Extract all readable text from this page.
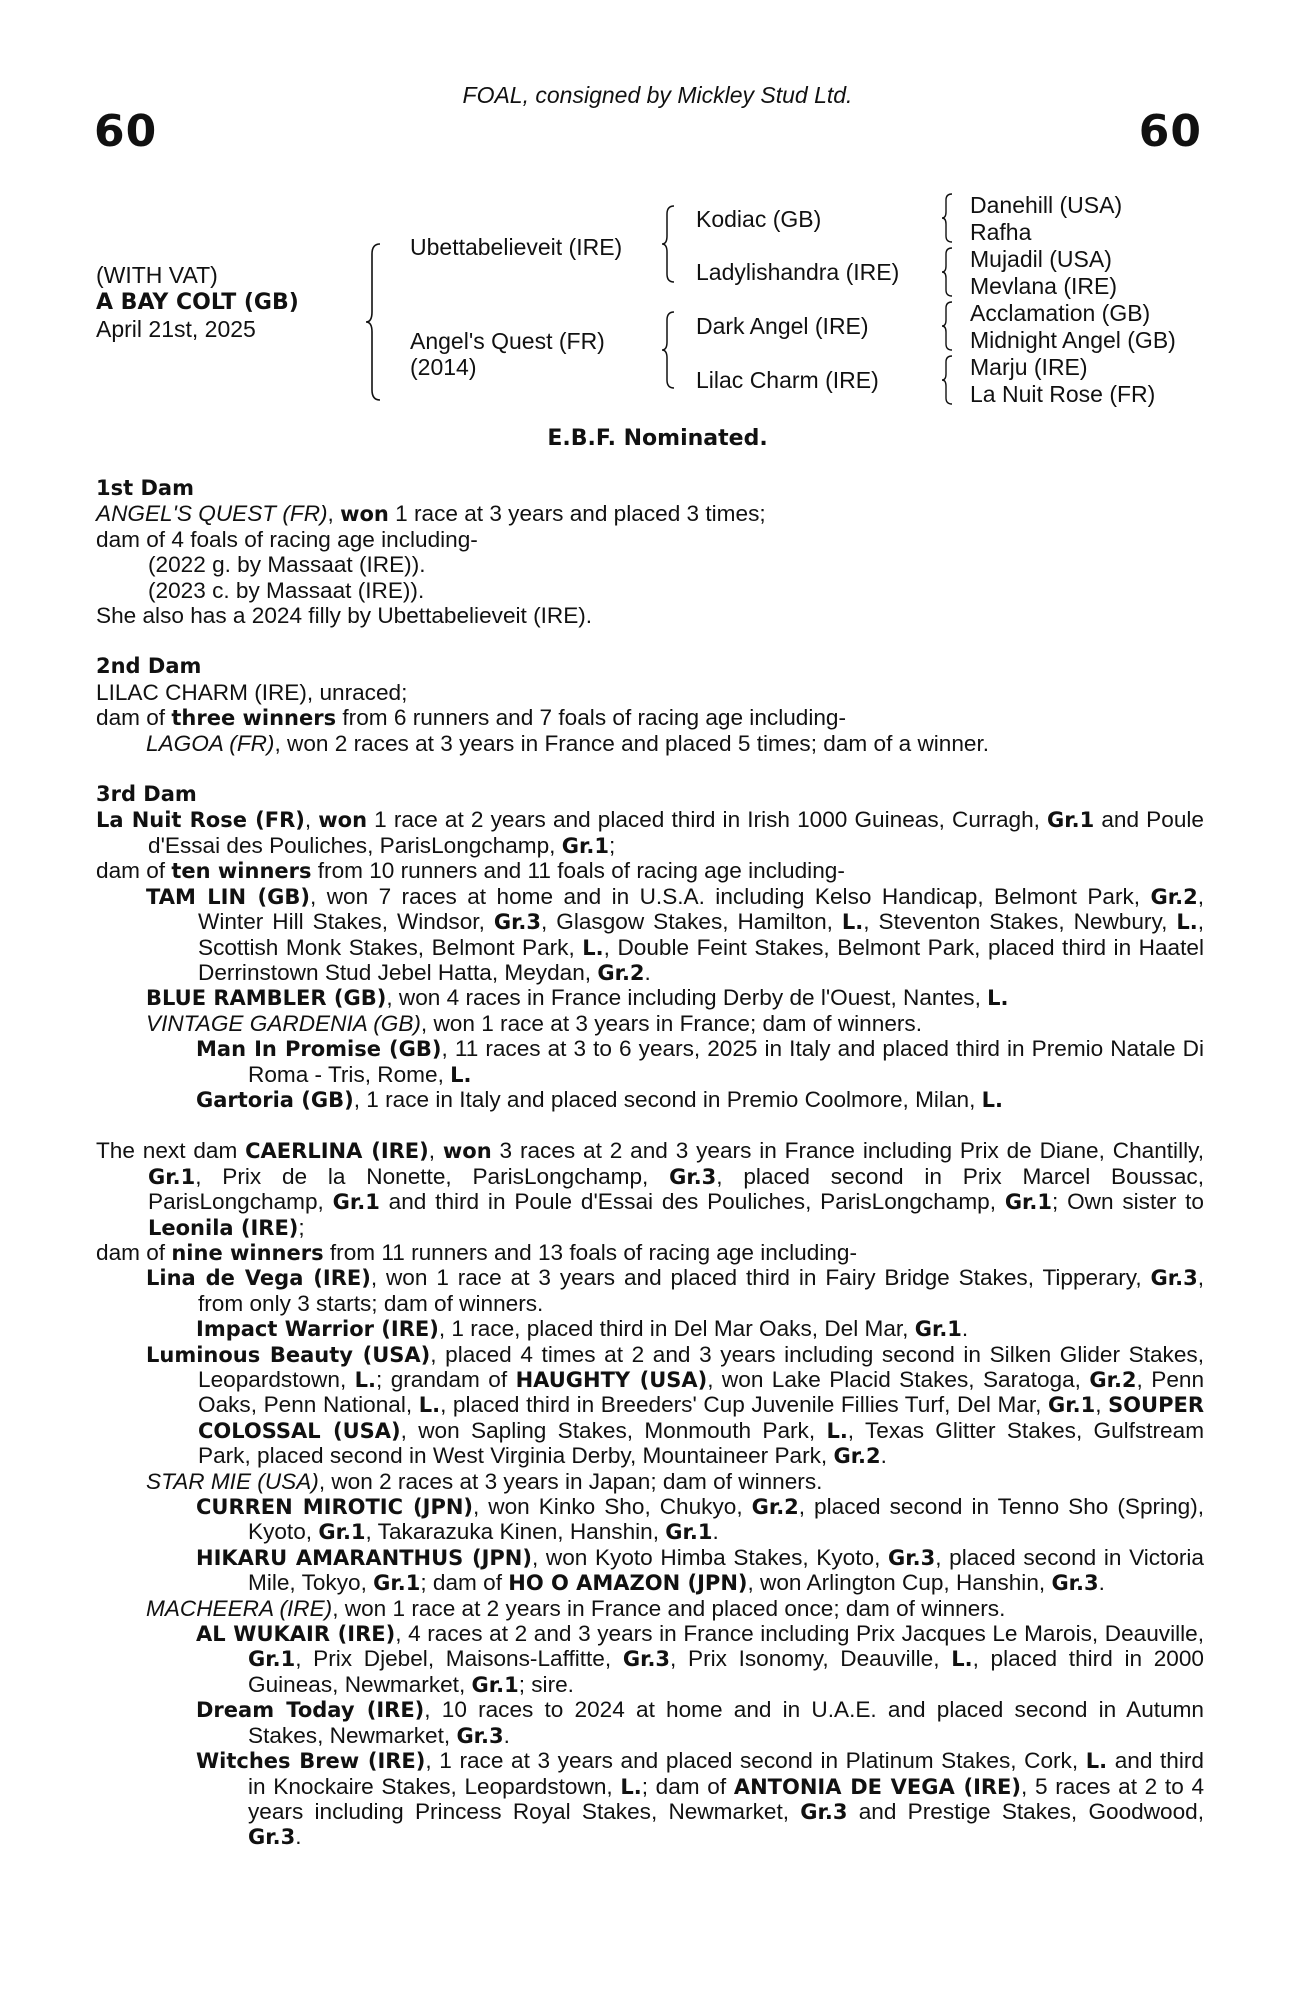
FOAL, consigned by Mickley Stud Ltd.
60	60
(WITH VAT)
A BAY COLT (GB)
April 21st, 2025
Ubettabelieveit (IRE)
Angel's Quest (FR)
(2014)
Kodiac (GB)
Ladylishandra (IRE)
Dark Angel (IRE)
Lilac Charm (IRE)
Danehill (USA)
Rafha
Mujadil (USA)
Mevlana (IRE)
Acclamation (GB)
Midnight Angel (GB)
Marju (IRE)
La Nuit Rose (FR)
E.B.F. Nominated.
1st Dam
ANGEL'S QUEST (FR), won 1 race at 3 years and placed 3 times;
dam of 4 foals of racing age including-
(2022 g. by Massaat (IRE)).
(2023 c. by Massaat (IRE)).
She also has a 2024 filly by Ubettabelieveit (IRE).
2nd Dam
LILAC CHARM (IRE), unraced;
dam of three winners from 6 runners and 7 foals of racing age including-
LAGOA (FR), won 2 races at 3 years in France and placed 5 times; dam of a winner.
3rd Dam
La Nuit Rose (FR), won 1 race at 2 years and placed third in Irish 1000 Guineas, Curragh, Gr.1 and Poule d'Essai des Pouliches, ParisLongchamp, Gr.1;
dam of ten winners from 10 runners and 11 foals of racing age including-
TAM LIN (GB), won 7 races at home and in U.S.A. including Kelso Handicap, Belmont Park, Gr.2, Winter Hill Stakes, Windsor, Gr.3, Glasgow Stakes, Hamilton, L., Steventon Stakes, Newbury, L., Scottish Monk Stakes, Belmont Park, L., Double Feint Stakes, Belmont Park, placed third in Haatel Derrinstown Stud Jebel Hatta, Meydan, Gr.2.
BLUE RAMBLER (GB), won 4 races in France including Derby de l'Ouest, Nantes, L.
VINTAGE GARDENIA (GB), won 1 race at 3 years in France; dam of winners.
Man In Promise (GB), 11 races at 3 to 6 years, 2025 in Italy and placed third in Premio Natale Di Roma - Tris, Rome, L.
Gartoria (GB), 1 race in Italy and placed second in Premio Coolmore, Milan, L.
The next dam CAERLINA (IRE), won 3 races at 2 and 3 years in France including Prix de Diane, Chantilly, Gr.1, Prix de la Nonette, ParisLongchamp, Gr.3, placed second in Prix Marcel Boussac, ParisLongchamp, Gr.1 and third in Poule d'Essai des Pouliches, ParisLongchamp, Gr.1; Own sister to Leonila (IRE);
dam of nine winners from 11 runners and 13 foals of racing age including-
Lina de Vega (IRE), won 1 race at 3 years and placed third in Fairy Bridge Stakes, Tipperary, Gr.3, from only 3 starts; dam of winners.
Impact Warrior (IRE), 1 race, placed third in Del Mar Oaks, Del Mar, Gr.1.
Luminous Beauty (USA), placed 4 times at 2 and 3 years including second in Silken Glider Stakes, Leopardstown, L.; grandam of HAUGHTY (USA), won Lake Placid Stakes, Saratoga, Gr.2, Penn Oaks, Penn National, L., placed third in Breeders' Cup Juvenile Fillies Turf, Del Mar, Gr.1, SOUPER COLOSSAL (USA), won Sapling Stakes, Monmouth Park, L., Texas Glitter Stakes, Gulfstream Park, placed second in West Virginia Derby, Mountaineer Park, Gr.2.
STAR MIE (USA), won 2 races at 3 years in Japan; dam of winners.
CURREN MIROTIC (JPN), won Kinko Sho, Chukyo, Gr.2, placed second in Tenno Sho (Spring), Kyoto, Gr.1, Takarazuka Kinen, Hanshin, Gr.1.
HIKARU AMARANTHUS (JPN), won Kyoto Himba Stakes, Kyoto, Gr.3, placed second in Victoria Mile, Tokyo, Gr.1; dam of HO O AMAZON (JPN), won Arlington Cup, Hanshin, Gr.3.
MACHEERA (IRE), won 1 race at 2 years in France and placed once; dam of winners.
AL WUKAIR (IRE), 4 races at 2 and 3 years in France including Prix Jacques Le Marois, Deauville, Gr.1, Prix Djebel, Maisons-Laffitte, Gr.3, Prix Isonomy, Deauville, L., placed third in 2000 Guineas, Newmarket, Gr.1; sire.
Dream Today (IRE), 10 races to 2024 at home and in U.A.E. and placed second in Autumn Stakes, Newmarket, Gr.3.
Witches Brew (IRE), 1 race at 3 years and placed second in Platinum Stakes, Cork, L. and third in Knockaire Stakes, Leopardstown, L.; dam of ANTONIA DE VEGA (IRE), 5 races at 2 to 4 years including Princess Royal Stakes, Newmarket, Gr.3 and Prestige Stakes, Goodwood, Gr.3.
